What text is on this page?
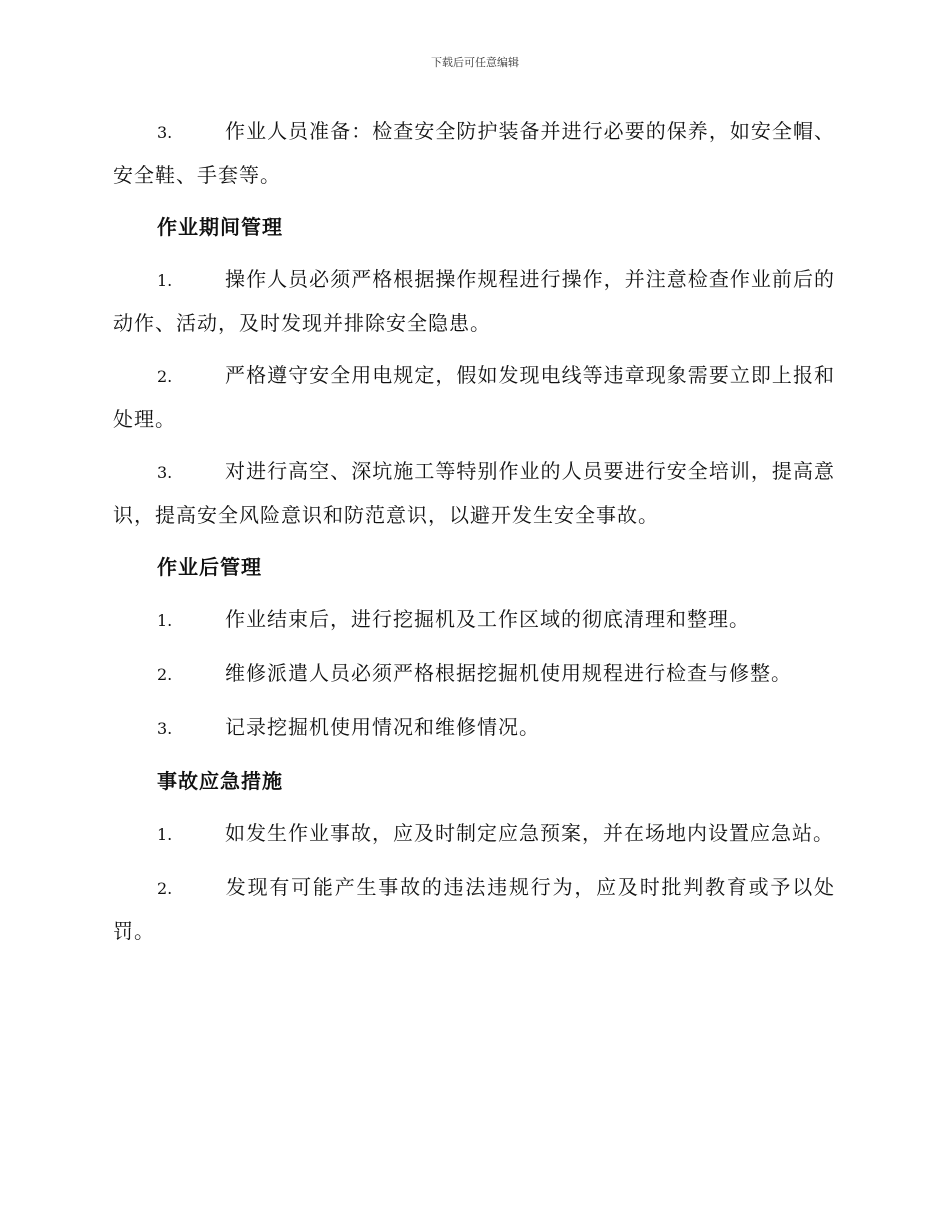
下载后可任意编辑

3.	作业人员准备：检查安全防护装备并进行必要的保养，如安全帽、安全鞋、手套等。

作业期间管理

1.	操作人员必须严格根据操作规程进行操作，并注意检查作业前后的动作、活动，及时发现并排除安全隐患。

2.	严格遵守安全用电规定，假如发现电线等违章现象需要立即上报和处理。

3.	对进行高空、深坑施工等特别作业的人员要进行安全培训，提高意识，提高安全风险意识和防范意识，以避开发生安全事故。

作业后管理

1.	作业结束后，进行挖掘机及工作区域的彻底清理和整理。

2.	维修派遣人员必须严格根据挖掘机使用规程进行检查与修整。

3.	记录挖掘机使用情况和维修情况。

事故应急措施

1.	如发生作业事故，应及时制定应急预案，并在场地内设置应急站。

2.	发现有可能产生事故的违法违规行为，应及时批判教育或予以处罚。
